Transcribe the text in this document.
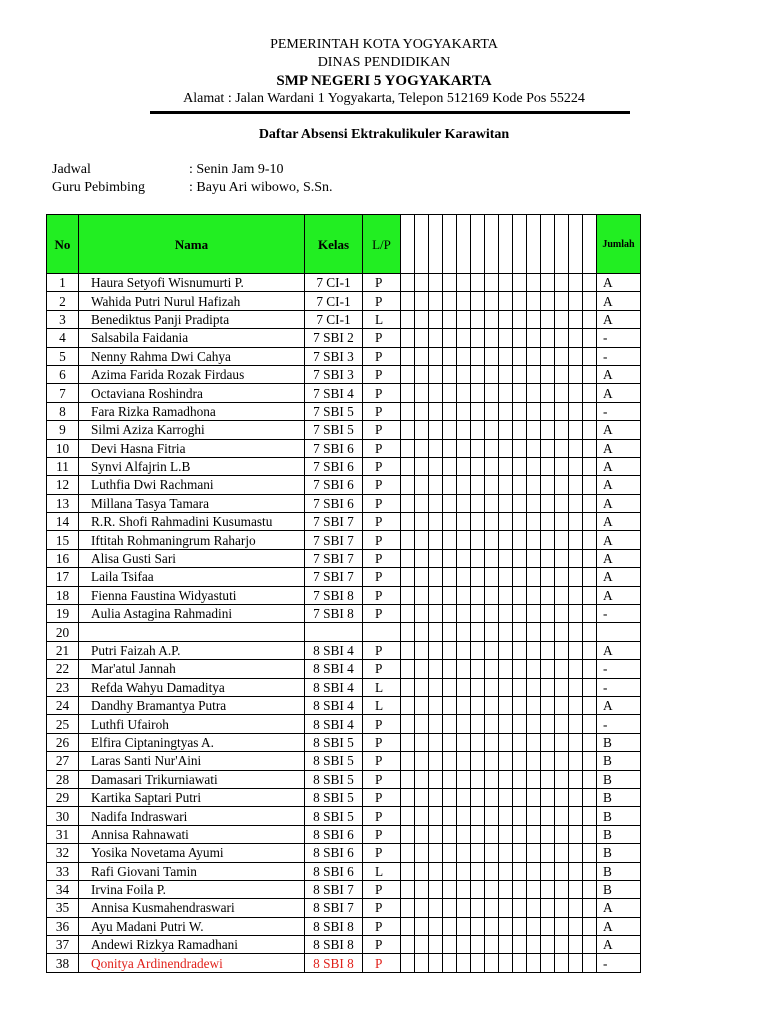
PEMERINTAH KOTA YOGYAKARTA
DINAS PENDIDIKAN
SMP NEGERI 5 YOGYAKARTA
Alamat : Jalan Wardani 1 Yogyakarta, Telepon 512169 Kode Pos 55224
Daftar Absensi Ektrakulikuler Karawitan
Jadwal	: Senin Jam 9-10
Guru Pebimbing	: Bayu Ari wibowo, S.Sn.
No	Nama	Kelas	L/P															Jumlah
1	Haura Setyofi Wisnumurti P.	7 CI-1	P															A
2	Wahida Putri Nurul Hafizah	7 CI-1	P															A
3	Benediktus Panji Pradipta	7 CI-1	L															A
4	Salsabila Faidania	7 SBI 2	P															-
5	Nenny Rahma Dwi Cahya	7 SBI 3	P															-
6	Azima Farida Rozak Firdaus	7 SBI 3	P															A
7	Octaviana Roshindra	7 SBI 4	P															A
8	Fara Rizka Ramadhona	7 SBI 5	P															-
9	Silmi Aziza Karroghi	7 SBI 5	P															A
10	Devi Hasna Fitria	7 SBI 6	P															A
11	Synvi Alfajrin L.B	7 SBI 6	P															A
12	Luthfia Dwi Rachmani	7 SBI 6	P															A
13	Millana Tasya Tamara	7 SBI 6	P															A
14	R.R. Shofi Rahmadini Kusumastu	7 SBI 7	P															A
15	Iftitah Rohmaningrum Raharjo	7 SBI 7	P															A
16	Alisa Gusti Sari	7 SBI 7	P															A
17	Laila Tsifaa	7 SBI 7	P															A
18	Fienna Faustina Widyastuti	7 SBI 8	P															A
19	Aulia Astagina Rahmadini	7 SBI 8	P															-
20																		
21	Putri Faizah A.P.	8 SBI 4	P															A
22	Mar'atul Jannah	8 SBI 4	P															-
23	Refda Wahyu Damaditya	8 SBI 4	L															-
24	Dandhy Bramantya Putra	8 SBI 4	L															A
25	Luthfi Ufairoh	8 SBI 4	P															-
26	Elfira Ciptaningtyas A.	8 SBI 5	P															B
27	Laras Santi Nur'Aini	8 SBI 5	P															B
28	Damasari Trikurniawati	8 SBI 5	P															B
29	Kartika Saptari Putri	8 SBI 5	P															B
30	Nadifa Indraswari	8 SBI 5	P															B
31	Annisa Rahnawati	8 SBI 6	P															B
32	Yosika Novetama Ayumi	8 SBI 6	P															B
33	Rafi Giovani Tamin	8 SBI 6	L															B
34	Irvina Foila P.	8 SBI 7	P															B
35	Annisa Kusmahendraswari	8 SBI 7	P															A
36	Ayu Madani Putri W.	8 SBI 8	P															A
37	Andewi Rizkya Ramadhani	8 SBI 8	P															A
38	Qonitya Ardinendradewi	8 SBI 8	P															-
